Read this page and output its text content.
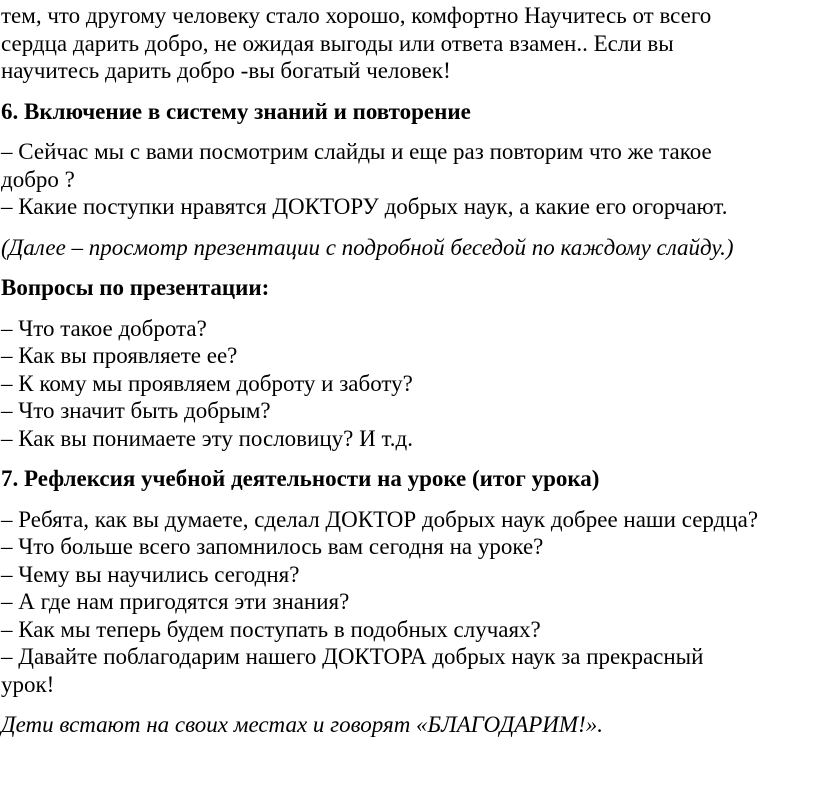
тем, что другому человеку стало хорошо, комфортно Научитесь от всего
сердца дарить добро, не ожидая выгоды или ответа взамен.. Если вы
научитесь дарить добро -вы богатый человек!
6. Включение в систему знаний и повторение
– Сейчас мы с вами посмотрим слайды и еще раз повторим что же такое
добро ?
– Какие поступки нравятся ДОКТОРУ добрых наук, а какие его огорчают.
(Далее – просмотр презентации с подробной беседой по каждому слайду.)
Вопросы по презентации:
– Что такое доброта?
– Как вы проявляете ее?
– К кому мы проявляем доброту и заботу?
– Что значит быть добрым?
– Как вы понимаете эту пословицу? И т.д.
7. Рефлексия учебной деятельности на уроке (итог урока)
– Ребята, как вы думаете, сделал ДОКТОР добрых наук добрее наши сердца?
– Что больше всего запомнилось вам сегодня на уроке?
– Чему вы научились сегодня?
– А где нам пригодятся эти знания?
– Как мы теперь будем поступать в подобных случаях?
– Давайте поблагодарим нашего ДОКТОРА добрых наук за прекрасный
урок!
Дети встают на своих местах и говорят «БЛАГОДАРИМ!».
